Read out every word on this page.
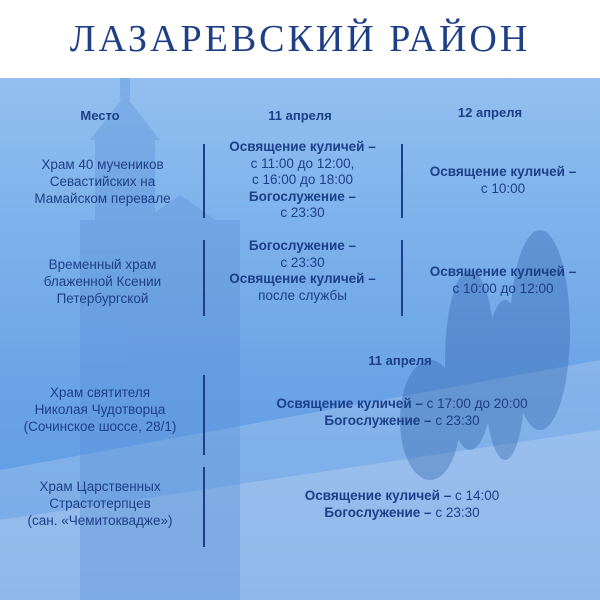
ЛАЗАРЕВСКИЙ РАЙОН
Место	11 апреля	12 апреля
Храм 40 мучеников
Севастийских на
Мамайском перевале
Освящение куличей –
с 11:00 до 12:00,
с 16:00 до 18:00
Богослужение –
с 23:30
Освящение куличей –
с 10:00
Временный храм
блаженной Ксении
Петербургской
Богослужение –
с 23:30
Освящение куличей –
после службы
Освящение куличей –
с 10:00 до 12:00
11 апреля
Храм святителя
Николая Чудотворца
(Сочинское шоссе, 28/1)
Освящение куличей – с 17:00 до 20:00
Богослужение – с 23:30
Храм Царственных
Страстотерпцев
(сан. «Чемитокваджe»)
Освящение куличей – с 14:00
Богослужение – с 23:30
